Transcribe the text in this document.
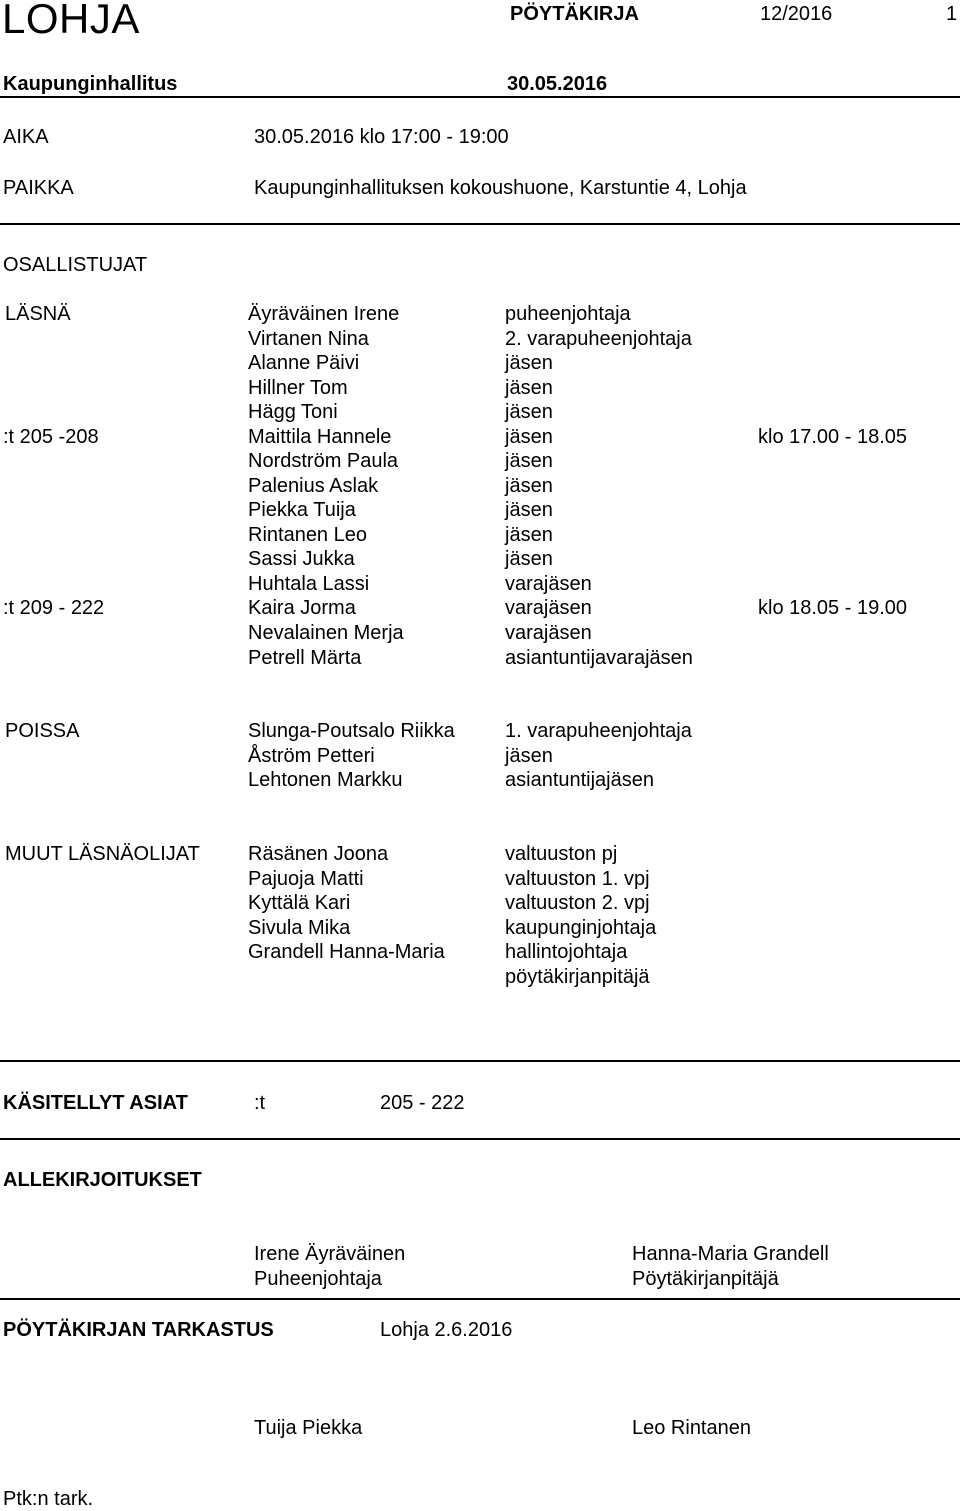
LOHJA	PÖYTÄKIRJA	12/2016	1
Kaupunginhallitus	30.05.2016
AIKA	30.05.2016 klo 17:00 - 19:00
PAIKKA	Kaupunginhallituksen kokoushuone, Karstuntie 4, Lohja
OSALLISTUJAT
LÄSNÄ	Äyräväinen Irene	puheenjohtaja
Virtanen Nina	2. varapuheenjohtaja
Alanne Päivi	jäsen
Hillner Tom	jäsen
Hägg Toni	jäsen
:t 205 -208	Maittila Hannele	jäsen	klo 17.00 - 18.05
Nordström Paula	jäsen
Palenius Aslak	jäsen
Piekka Tuija	jäsen
Rintanen Leo	jäsen
Sassi Jukka	jäsen
Huhtala Lassi	varajäsen
:t 209 - 222	Kaira Jorma	varajäsen	klo 18.05 - 19.00
Nevalainen Merja	varajäsen
Petrell Märta	asiantuntijavarajäsen
POISSA	Slunga-Poutsalo Riikka	1. varapuheenjohtaja
Åström Petteri	jäsen
Lehtonen Markku	asiantuntijajäsen
MUUT LÄSNÄOLIJAT Räsänen Joona	valtuuston pj
Pajuoja Matti	valtuuston 1. vpj
Kyttälä Kari	valtuuston 2. vpj
Sivula Mika	kaupunginjohtaja
Grandell Hanna-Maria	hallintojohtaja
pöytäkirjanpitäjä
KÄSITELLYT ASIAT	:t	205 - 222
ALLEKIRJOITUKSET
Irene Äyräväinen
Puheenjohtaja
Hanna-Maria Grandell
Pöytäkirjanpitäjä
PÖYTÄKIRJAN TARKASTUS	Lohja 2.6.2016
Tuija Piekka	Leo Rintanen
Ptk:n tark.
